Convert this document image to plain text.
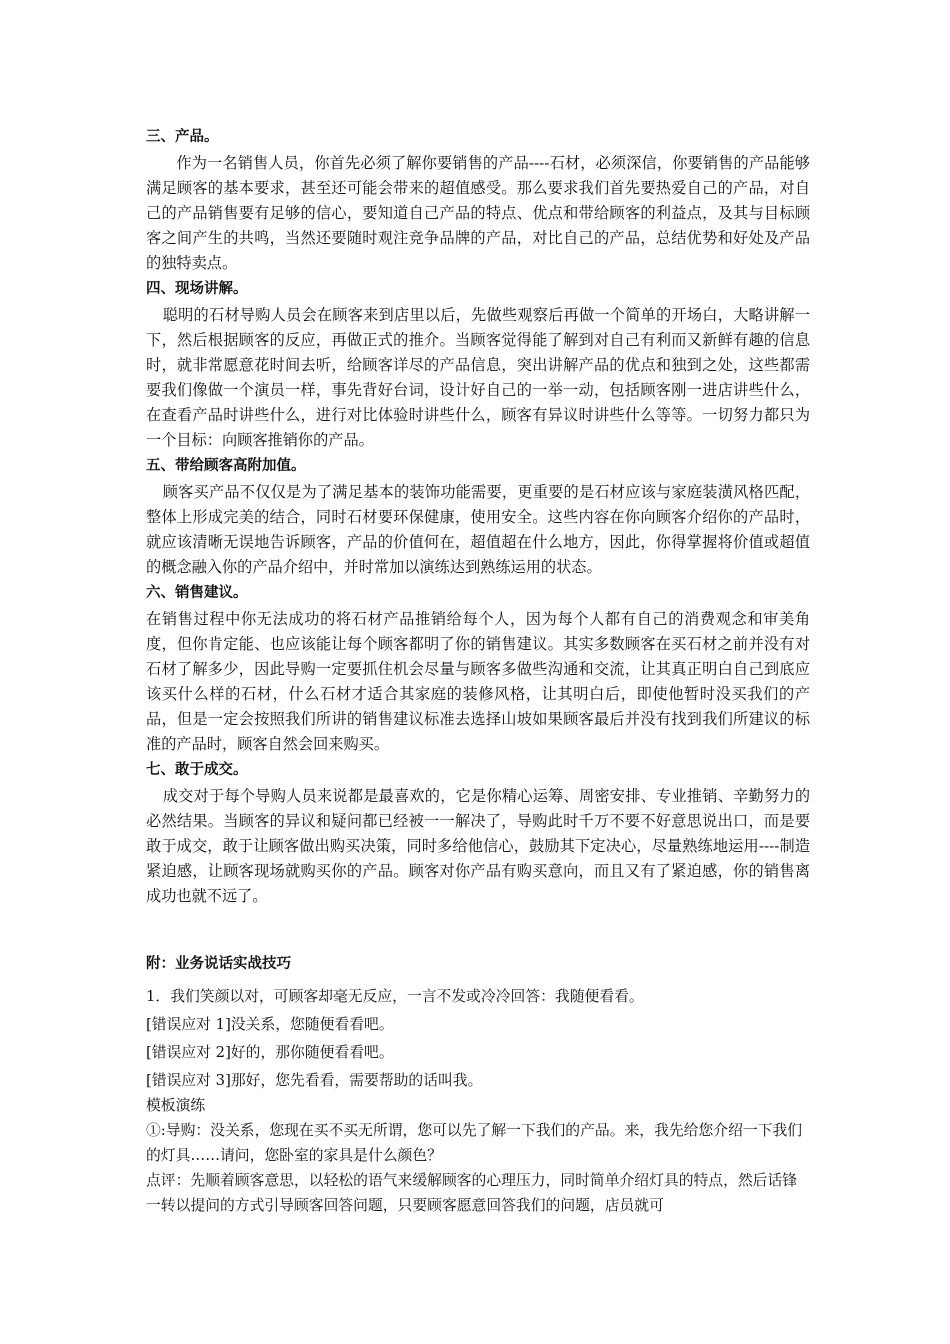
三、产品。

作为一名销售人员，你首先必须了解你要销售的产品----石材，必须深信，你要销售的产品能够满足顾客的基本要求，甚至还可能会带来的超值感受。那么要求我们首先要热爱自己的产品，对自己的产品销售要有足够的信心，要知道自己产品的特点、优点和带给顾客的利益点，及其与目标顾客之间产生的共鸣，当然还要随时观注竞争品牌的产品，对比自己的产品，总结优势和好处及产品的独特卖点。

四、现场讲解。

聪明的石材导购人员会在顾客来到店里以后，先做些观察后再做一个简单的开场白，大略讲解一下，然后根据顾客的反应，再做正式的推介。当顾客觉得能了解到对自己有利而又新鲜有趣的信息时，就非常愿意花时间去听，给顾客详尽的产品信息，突出讲解产品的优点和独到之处，这些都需要我们像做一个演员一样，事先背好台词，设计好自己的一举一动，包括顾客刚一进店讲些什么，在查看产品时讲些什么，进行对比体验时讲些什么，顾客有异议时讲些什么等等。一切努力都只为一个目标：向顾客推销你的产品。

五、带给顾客高附加值。

顾客买产品不仅仅是为了满足基本的装饰功能需要，更重要的是石材应该与家庭装潢风格匹配，整体上形成完美的结合，同时石材要环保健康，使用安全。这些内容在你向顾客介绍你的产品时，就应该清晰无误地告诉顾客，产品的价值何在，超值超在什么地方，因此，你得掌握将价值或超值的概念融入你的产品介绍中，并时常加以演练达到熟练运用的状态。

六、销售建议。

在销售过程中你无法成功的将石材产品推销给每个人，因为每个人都有自己的消费观念和审美角度，但你肯定能、也应该能让每个顾客都明了你的销售建议。其实多数顾客在买石材之前并没有对石材了解多少，因此导购一定要抓住机会尽量与顾客多做些沟通和交流，让其真正明白自己到底应该买什么样的石材，什么石材才适合其家庭的装修风格，让其明白后，即使他暂时没买我们的产品，但是一定会按照我们所讲的销售建议标准去选择山坡如果顾客最后并没有找到我们所建议的标准的产品时，顾客自然会回来购买。

七、敢于成交。

成交对于每个导购人员来说都是最喜欢的，它是你精心运筹、周密安排、专业推销、辛勤努力的必然结果。当顾客的异议和疑问都已经被一一解决了，导购此时千万不要不好意思说出口，而是要敢于成交，敢于让顾客做出购买决策，同时多给他信心，鼓励其下定决心，尽量熟练地运用----制造紧迫感，让顾客现场就购买你的产品。顾客对你产品有购买意向，而且又有了紧迫感，你的销售离成功也就不远了。

附：业务说话实战技巧

1．我们笑颜以对，可顾客却毫无反应，一言不发或冷冷回答：我随便看看。

[错误应对 1]没关系，您随便看看吧。

[错误应对 2]好的，那你随便看看吧。

[错误应对 3]那好，您先看看，需要帮助的话叫我。

模板演练

①:导购：没关系，您现在买不买无所谓，您可以先了解一下我们的产品。来，我先给您介绍一下我们的灯具……请问，您卧室的家具是什么颜色？

点评：先顺着顾客意思，以轻松的语气来缓解顾客的心理压力，同时简单介绍灯具的特点，然后话锋一转以提问的方式引导顾客回答问题，只要顾客愿意回答我们的问题，店员就可
